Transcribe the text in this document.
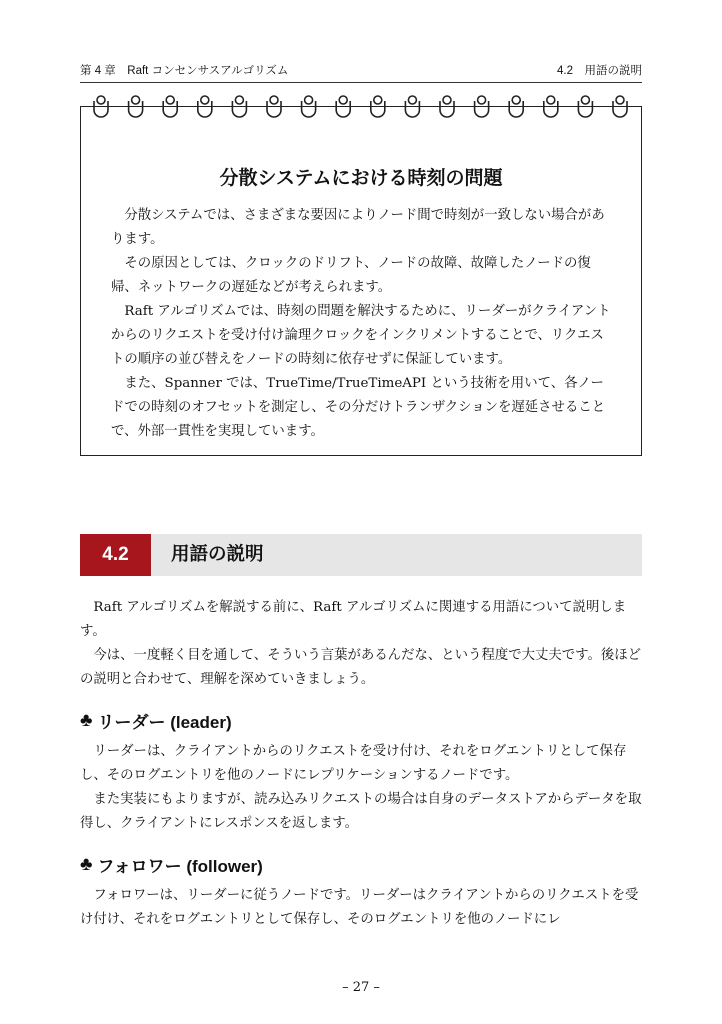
第 4 章　Raft コンセンサスアルゴリズム	4.2　用語の説明
分散システムにおける時刻の問題

分散システムでは、さまざまな要因によりノード間で時刻が一致しない場合があります。

その原因としては、クロックのドリフト、ノードの故障、故障したノードの復帰、ネットワークの遅延などが考えられます。

Raft アルゴリズムでは、時刻の問題を解決するために、リーダーがクライアントからのリクエストを受け付け論理クロックをインクリメントすることで、リクエストの順序の並び替えをノードの時刻に依存せずに保証しています。

また、Spanner では、TrueTime/TrueTimeAPI という技術を用いて、各ノードでの時刻のオフセットを測定し、その分だけトランザクションを遅延させることで、外部一貫性を実現しています。

4.2	用語の説明

Raft アルゴリズムを解説する前に、Raft アルゴリズムに関連する用語について説明します。

今は、一度軽く目を通して、そういう言葉があるんだな、という程度で大丈夫です。後ほどの説明と合わせて、理解を深めていきましょう。

♣ リーダー (leader)

リーダーは、クライアントからのリクエストを受け付け、それをログエントリとして保存し、そのログエントリを他のノードにレプリケーションするノードです。

また実装にもよりますが、読み込みリクエストの場合は自身のデータストアからデータを取得し、クライアントにレスポンスを返します。

♣ フォロワー (follower)

フォロワーは、リーダーに従うノードです。リーダーはクライアントからのリクエストを受け付け、それをログエントリとして保存し、そのログエントリを他のノードにレ

– 27 –
